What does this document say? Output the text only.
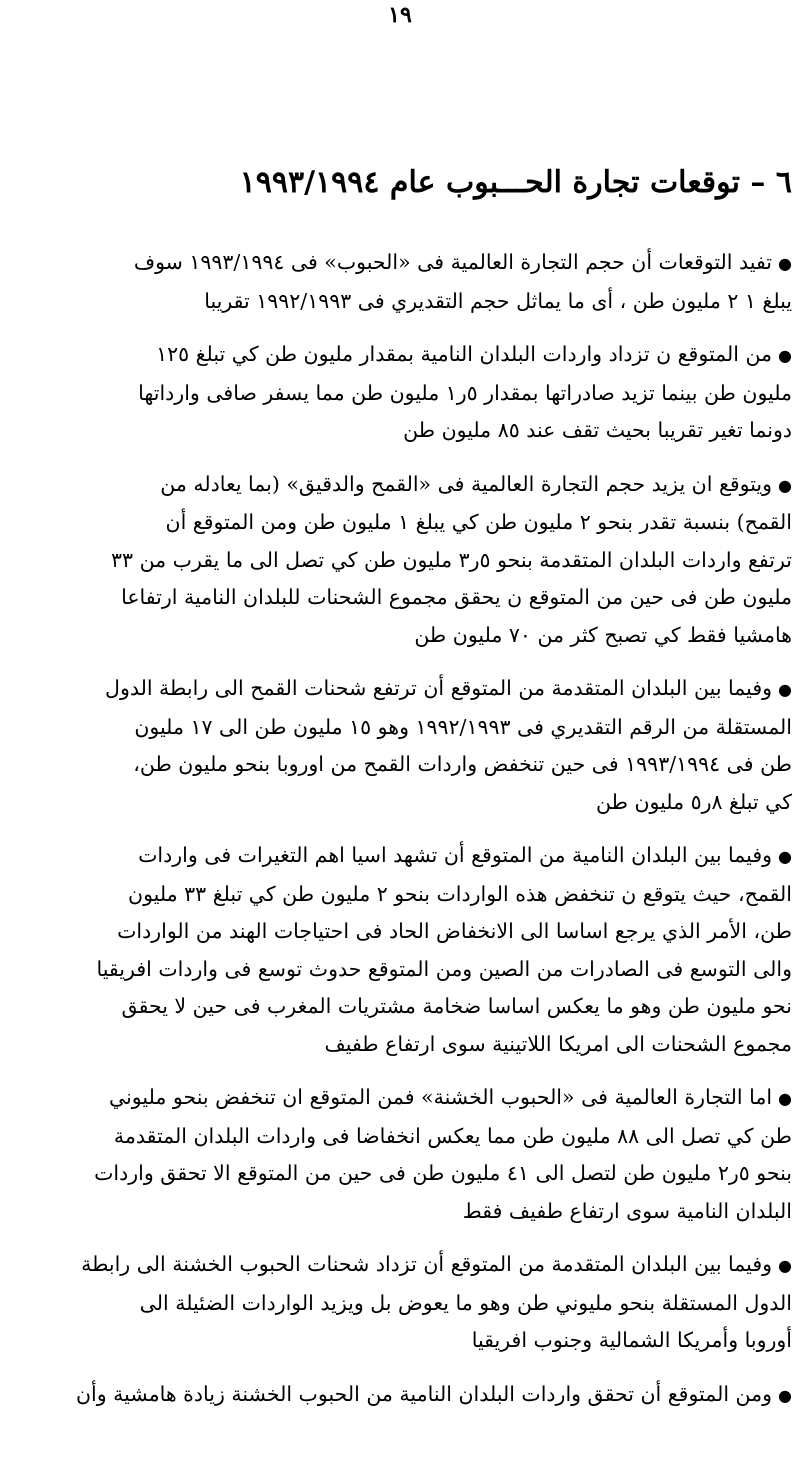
١٩
٦ – توقعات تجارة الحـــبوب عام ١٩٩٣/١٩٩٤

●تفيد التوقعات أن حجم التجارة العالمية فى «الحبوب» فى ١٩٩٣/١٩٩٤ سوف
يبلغ ١ ٢ مليون طن ، أى ما يماثل حجم التقديري فى ١٩٩٢/١٩٩٣ تقريبا

●من المتوقع ن تزداد واردات البلدان النامية بمقدار مليون طن كي تبلغ ١٢٥
مليون طن بينما تزيد صادراتها بمقدار ٥ر١ مليون طن مما يسفر صافى وارداتها
دونما تغير تقريبا بحيث تقف عند ٨٥ مليون طن

●ويتوقع ان يزيد حجم التجارة العالمية فى «القمح والدقيق» (بما يعادله من
القمح) بنسبة تقدر بنحو ٢ مليون طن كي يبلغ ١ مليون طن ومن المتوقع أن
ترتفع واردات البلدان المتقدمة بنحو ٥ر٣ مليون طن كي تصل الى ما يقرب من ٣٣
مليون طن فى حين من المتوقع ن يحقق مجموع الشحنات للبلدان النامية ارتفاعا
هامشيا فقط كي تصبح كثر من ٧٠ مليون طن

●وفيما بين البلدان المتقدمة من المتوقع أن ترتفع شحنات القمح الى رابطة الدول
المستقلة من الرقم التقديري فى ١٩٩٢/١٩٩٣ وهو ١٥ مليون طن الى ١٧ مليون
طن فى ١٩٩٣/١٩٩٤ فى حين تنخفض واردات القمح من اوروبا بنحو مليون طن،
كي تبلغ ٨ر٥ مليون طن

●وفيما بين البلدان النامية من المتوقع أن تشهد اسيا اهم التغيرات فى واردات
القمح، حيث يتوقع ن تنخفض هذه الواردات بنحو ٢ مليون طن كي تبلغ ٣٣ مليون
طن، الأمر الذي يرجع اساسا الى الانخفاض الحاد فى احتياجات الهند من الواردات
والى التوسع فى الصادرات من الصين ومن المتوقع حدوث توسع فى واردات افريقيا
نحو مليون طن وهو ما يعكس اساسا ضخامة مشتريات المغرب فى حين لا يحقق
مجموع الشحنات الى امريكا اللاتينية سوى ارتفاع طفيف

●اما التجارة العالمية فى «الحبوب الخشنة» فمن المتوقع ان تنخفض بنحو مليوني
طن كي تصل الى ٨٨ مليون طن مما يعكس انخفاضا فى واردات البلدان المتقدمة
بنحو ٥ر٢ مليون طن لتصل الى ٤١ مليون طن فى حين من المتوقع الا تحقق واردات
البلدان النامية سوى ارتفاع طفيف فقط

●وفيما بين البلدان المتقدمة من المتوقع أن تزداد شحنات الحبوب الخشنة الى رابطة
الدول المستقلة بنحو مليوني طن وهو ما يعوض بل ويزيد الواردات الضئيلة الى
أوروبا وأمريكا الشمالية وجنوب افريقيا

●ومن المتوقع أن تحقق واردات البلدان النامية من الحبوب الخشنة زيادة هامشية وأن
